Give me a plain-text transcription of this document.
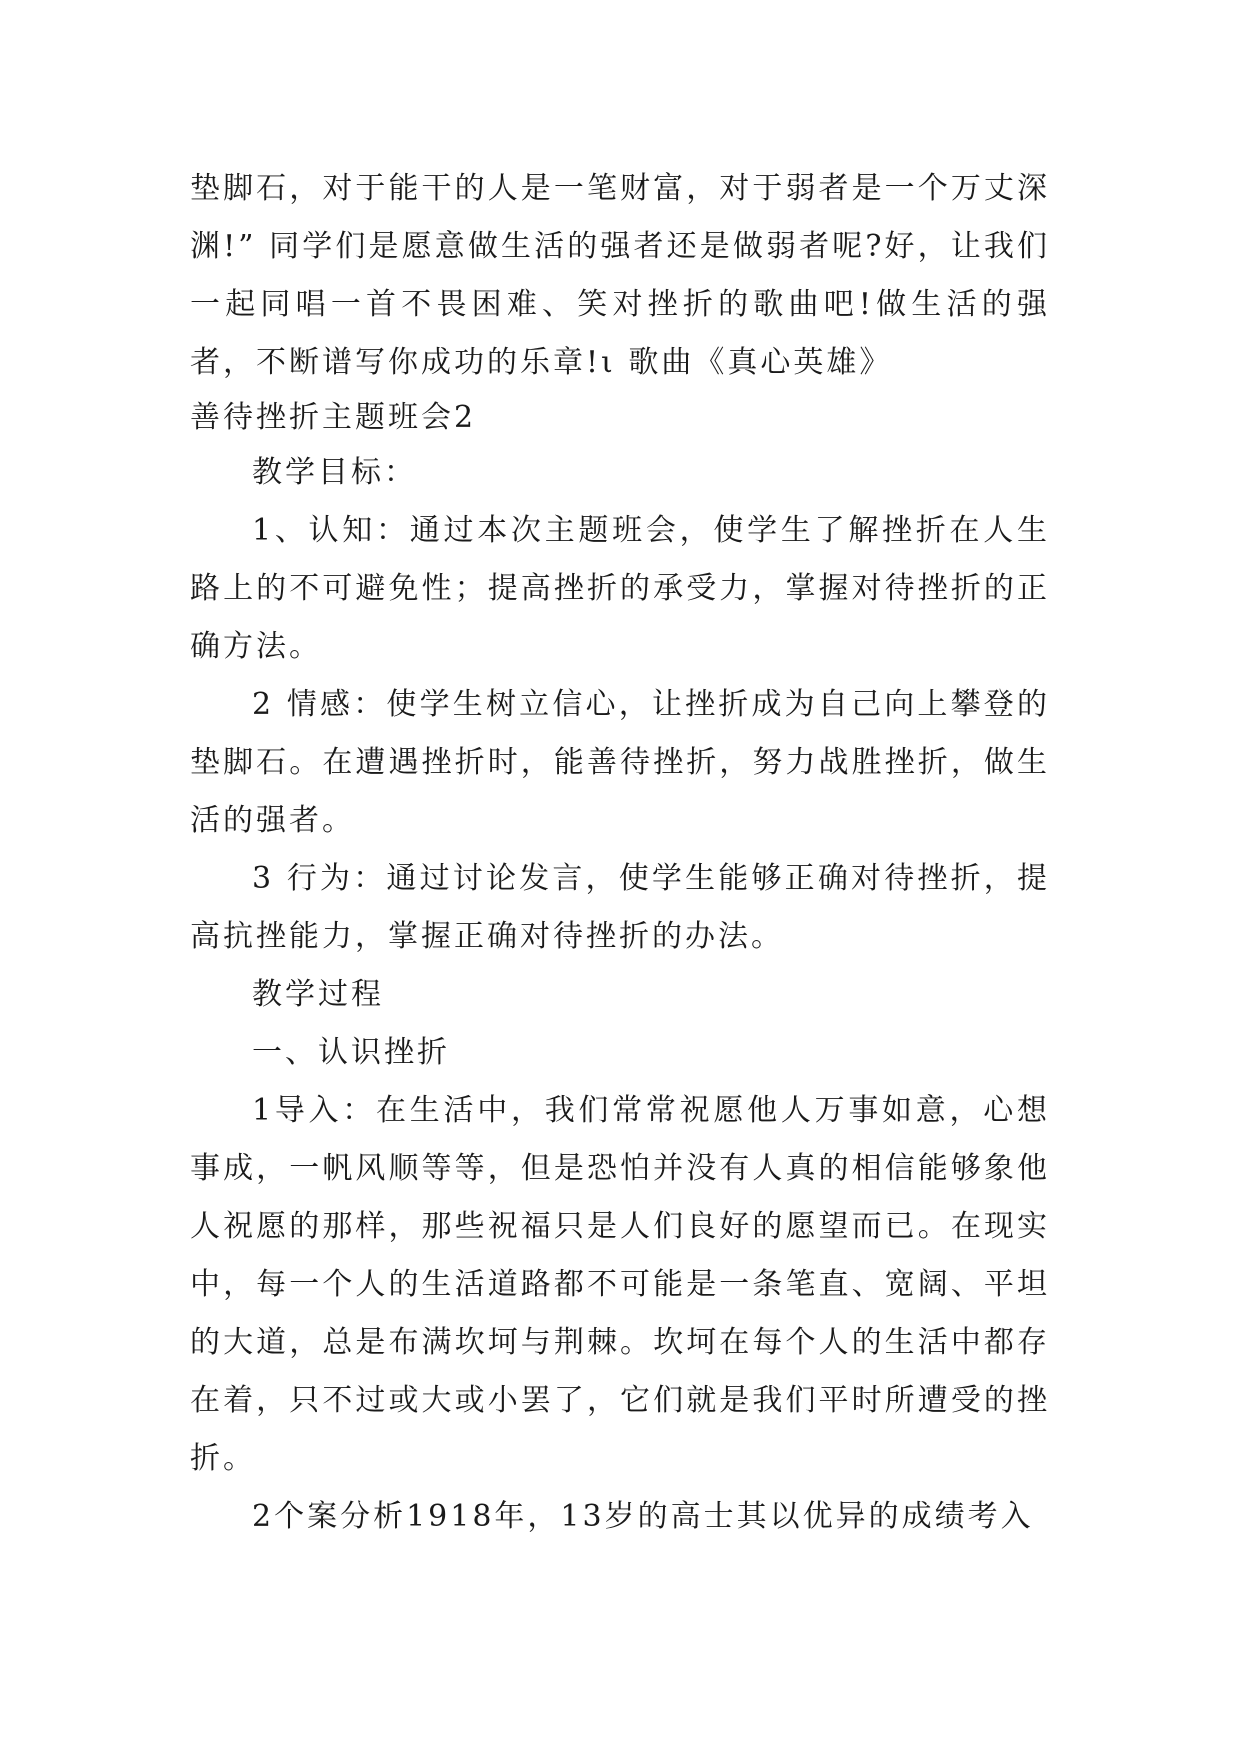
垫脚石，对于能干的人是一笔财富，对于弱者是一个万丈深渊!” 同学们是愿意做生活的强者还是做弱者呢?好，让我们一起同唱一首不畏困难、笑对挫折的歌曲吧!做生活的强者，不断谱写你成功的乐章!ι 歌曲《真心英雄》

善待挫折主题班会2

教学目标：

1、认知：通过本次主题班会，使学生了解挫折在人生路上的不可避免性；提高挫折的承受力，掌握对待挫折的正确方法。

2 情感：使学生树立信心，让挫折成为自己向上攀登的垫脚石。在遭遇挫折时，能善待挫折，努力战胜挫折，做生活的强者。

3 行为：通过讨论发言，使学生能够正确对待挫折，提高抗挫能力，掌握正确对待挫折的办法。

教学过程

一、认识挫折

1导入：在生活中，我们常常祝愿他人万事如意，心想事成，一帆风顺等等，但是恐怕并没有人真的相信能够象他人祝愿的那样，那些祝福只是人们良好的愿望而已。在现实中，每一个人的生活道路都不可能是一条笔直、宽阔、平坦的大道，总是布满坎坷与荆棘。坎坷在每个人的生活中都存在着，只不过或大或小罢了，它们就是我们平时所遭受的挫折。

2个案分析1918年，13岁的高士其以优异的成绩考入
